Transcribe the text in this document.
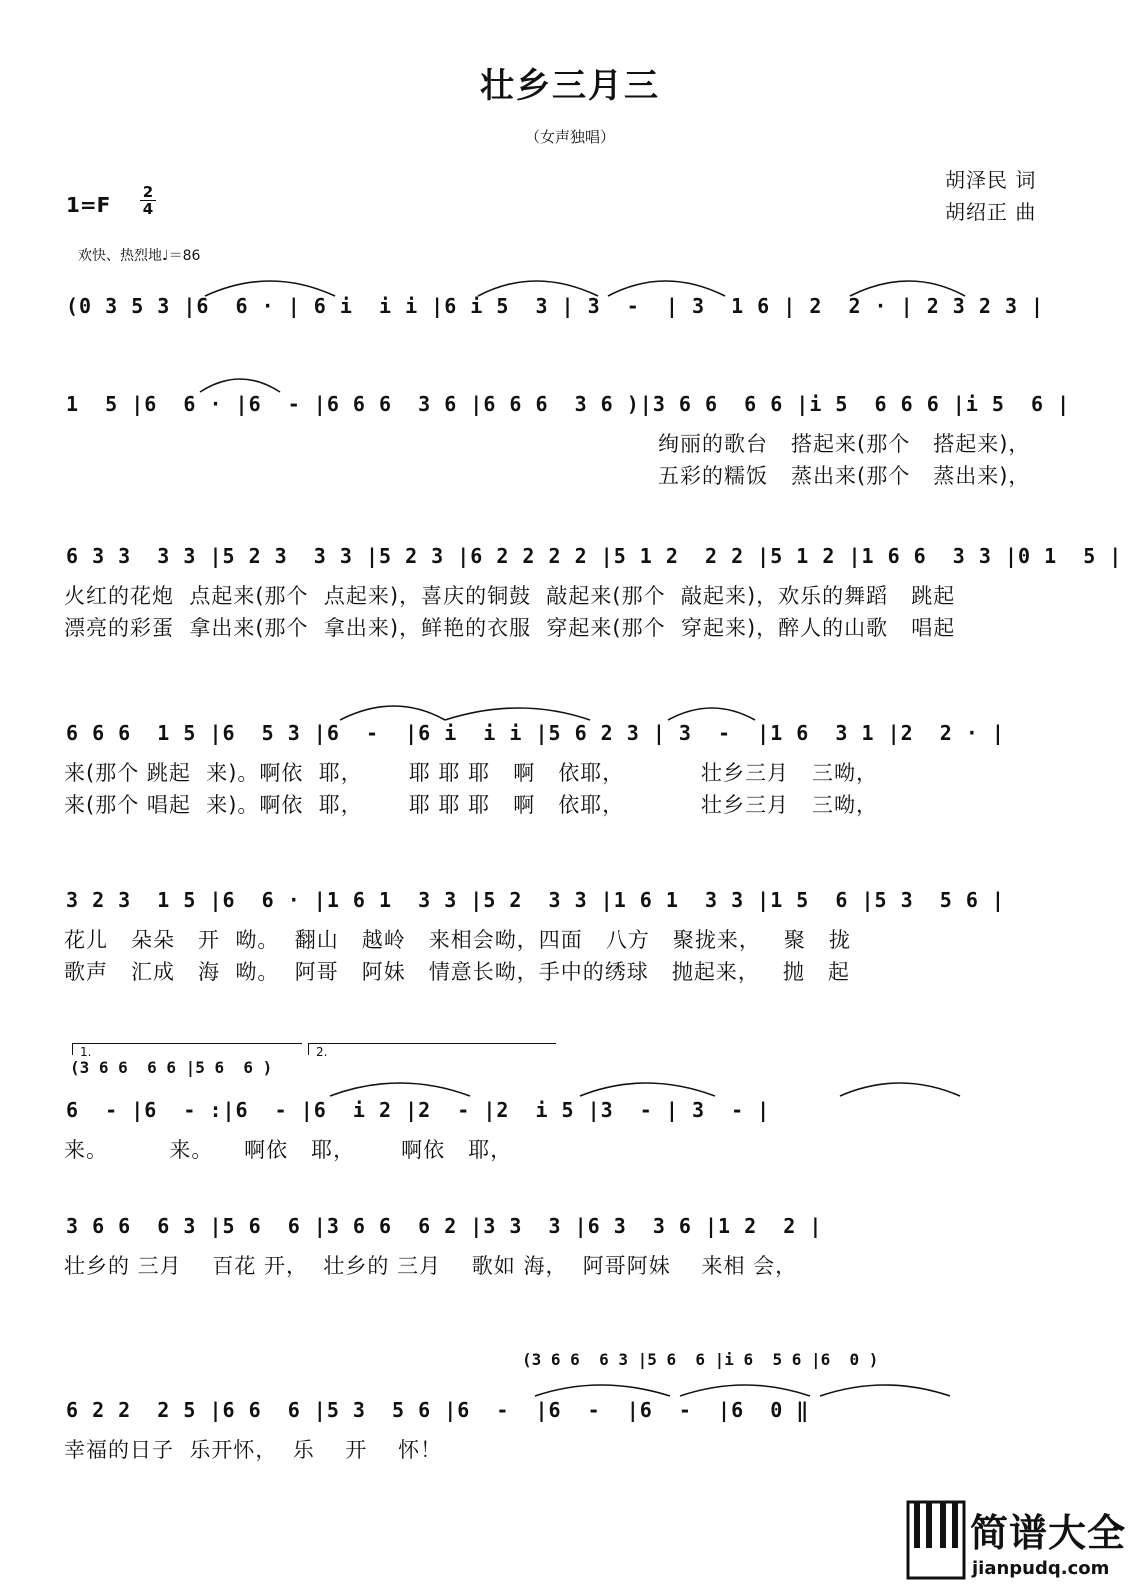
壮乡三月三
（女声独唱）
胡泽民 词
胡绍正 曲
1=F
2
4
欢快、热烈地♩＝86
(0 3 5 3 |6  6 · | 6 i  i i |6 i 5  3 | 3  -  | 3  1 6 | 2  2 · | 2 3 2 3 |
1  5 |6  6 · |6  - |6 6 6  3 6 |6 6 6  3 6 )|3 6 6  6 6 |i 5  6 6 6 |i 5  6 |
绚丽的歌台   搭起来(那个   搭起来)，
五彩的糯饭   蒸出来(那个   蒸出来)，
6 3 3  3 3 |5 2 3  3 3 |5 2 3 |6 2 2 2 2 |5 1 2  2 2 |5 1 2 |1 6 6  3 3 |0 1  5 |
火红的花炮  点起来(那个  点起来)，喜庆的铜鼓  敲起来(那个  敲起来)，欢乐的舞蹈   跳起
漂亮的彩蛋  拿出来(那个  拿出来)，鲜艳的衣服  穿起来(那个  穿起来)，醉人的山歌   唱起
6 6 6  1 5 |6  5 3 |6  -  |6 i  i i |5 6 2 3 | 3  -  |1 6  3 1 |2  2 · |
来(那个 跳起  来)。啊依  耶，      耶 耶 耶   啊   依耶，          壮乡三月   三呦，
来(那个 唱起  来)。啊依  耶，      耶 耶 耶   啊   依耶，          壮乡三月   三呦，
3 2 3  1 5 |6  6 · |1 6 1  3 3 |5 2  3 3 |1 6 1  3 3 |1 5  6 |5 3  5 6 |
花儿   朵朵   开  呦。  翻山   越岭   来相会呦，四面   八方   聚拢来，   聚   拢
歌声   汇成   海  呦。  阿哥   阿妹   情意长呦，手中的绣球   抛起来，   抛   起
1.	2.
(3 6 6  6 6 |5 6  6 )
6  - |6  - :|6  - |6  i 2 |2  - |2  i 5 |3  - | 3  - |
来。        来。    啊依   耶，      啊依   耶，
3 6 6  6 3 |5 6  6 |3 6 6  6 2 |3 3  3 |6 3  3 6 |1 2  2 |
壮乡的 三月    百花 开，  壮乡的 三月    歌如 海，  阿哥阿妹    来相 会，
(3 6 6  6 3 |5 6  6 |i 6  5 6 |6  0 )
6 2 2  2 5 |6 6  6 |5 3  5 6 |6  -  |6  -  |6  -  |6  0 ‖
幸福的日子  乐开怀，  乐    开    怀！
简谱大全
jianpudq.com
